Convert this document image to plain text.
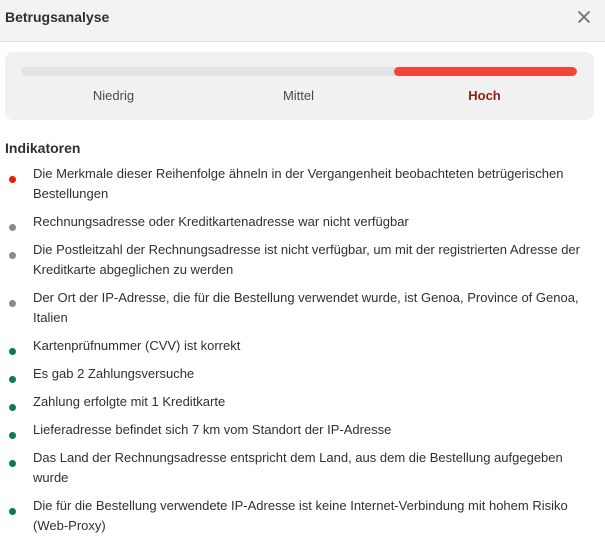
Betrugsanalyse
Niedrig	Mittel	Hoch
Indikatoren
Die Merkmale dieser Reihenfolge ähneln in der Vergangenheit beobachteten betrügerischen Bestellungen
Rechnungsadresse oder Kreditkartenadresse war nicht verfügbar
Die Postleitzahl der Rechnungsadresse ist nicht verfügbar, um mit der registrierten Adresse der Kreditkarte abgeglichen zu werden
Der Ort der IP-Adresse, die für die Bestellung verwendet wurde, ist Genoa, Province of Genoa, Italien
Kartenprüfnummer (CVV) ist korrekt
Es gab 2 Zahlungsversuche
Zahlung erfolgte mit 1 Kreditkarte
Lieferadresse befindet sich 7 km vom Standort der IP-Adresse
Das Land der Rechnungsadresse entspricht dem Land, aus dem die Bestellung aufgegeben wurde
Die für die Bestellung verwendete IP-Adresse ist keine Internet-Verbindung mit hohem Risiko (Web-Proxy)
